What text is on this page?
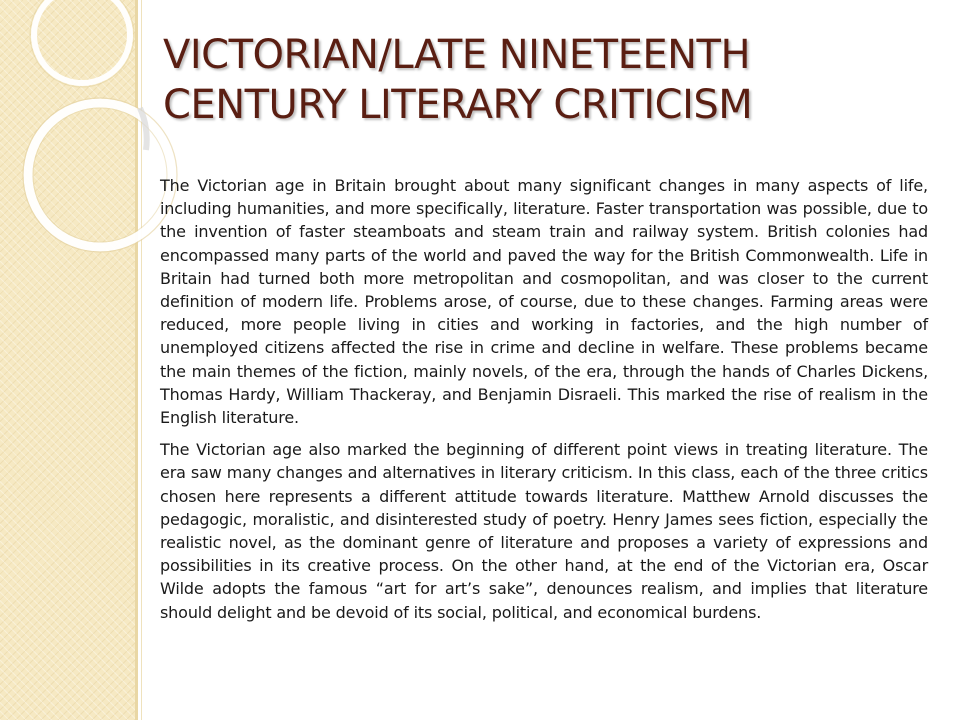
VICTORIAN/LATE NINETEENTH
CENTURY LITERARY CRITICISM

The Victorian age in Britain brought about many significant changes in many aspects of life, including humanities, and more specifically, literature. Faster transportation was possible, due to the invention of faster steamboats and steam train and railway system. British colonies had encompassed many parts of the world and paved the way for the British Commonwealth. Life in Britain had turned both more metropolitan and cosmopolitan, and was closer to the current definition of modern life. Problems arose, of course, due to these changes. Farming areas were reduced, more people living in cities and working in factories, and the high number of unemployed citizens affected the rise in crime and decline in welfare. These problems became the main themes of the fiction, mainly novels, of the era, through the hands of Charles Dickens, Thomas Hardy, William Thackeray, and Benjamin Disraeli. This marked the rise of realism in the English literature.

The Victorian age also marked the beginning of different point views in treating literature. The era saw many changes and alternatives in literary criticism. In this class, each of the three critics chosen here represents a different attitude towards literature. Matthew Arnold discusses the pedagogic, moralistic, and disinterested study of poetry. Henry James sees fiction, especially the realistic novel, as the dominant genre of literature and proposes a variety of expressions and possibilities in its creative process. On the other hand, at the end of the Victorian era, Oscar Wilde adopts the famous “art for art’s sake”, denounces realism, and implies that literature should delight and be devoid of its social, political, and economical burdens.
